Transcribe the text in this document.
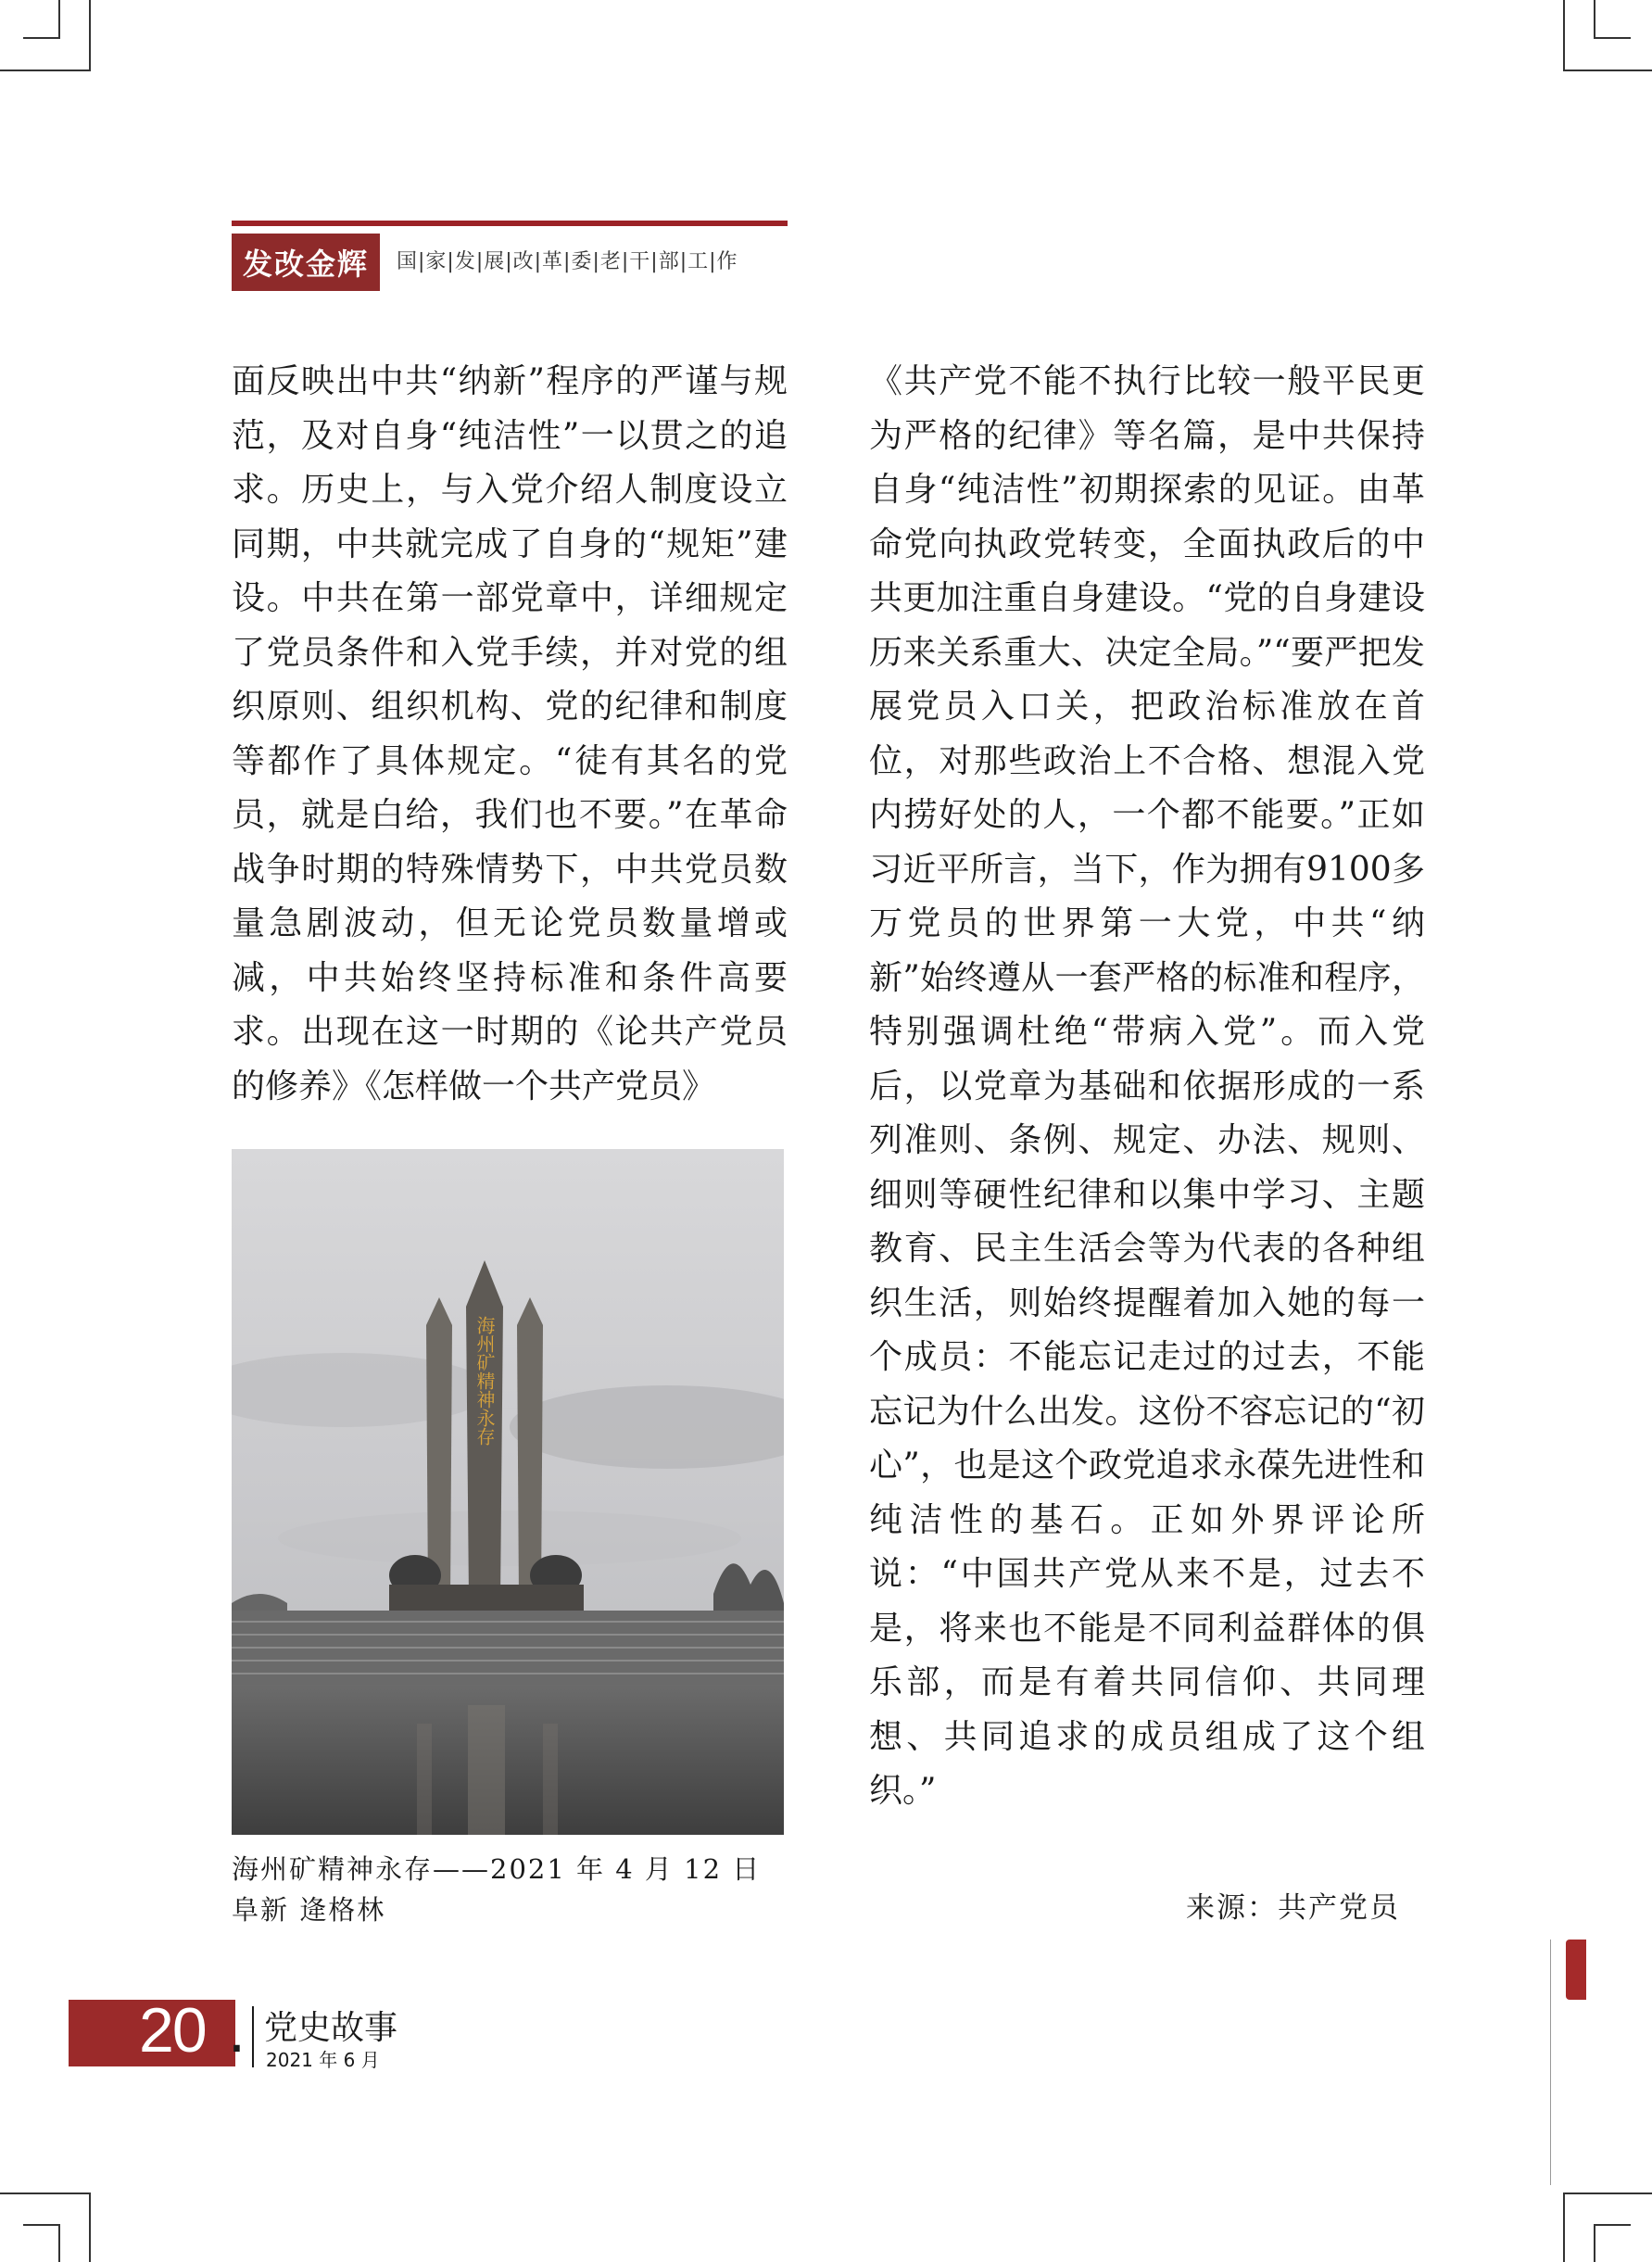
发改金辉	国|家|发|展|改|革|委|老|干|部|工|作

面反映出中共“纳新”程序的严谨与规范，及对自身“纯洁性”一以贯之的追求。历史上，与入党介绍人制度设立同期，中共就完成了自身的“规矩”建设。中共在第一部党章中，详细规定了党员条件和入党手续，并对党的组织原则、组织机构、党的纪律和制度等都作了具体规定。“徒有其名的党员，就是白给，我们也不要。”在革命战争时期的特殊情势下，中共党员数量急剧波动，但无论党员数量增或减，中共始终坚持标准和条件高要求。出现在这一时期的《论共产党员的修养》《怎样做一个共产党员》

《共产党不能不执行比较一般平民更为严格的纪律》等名篇，是中共保持自身“纯洁性”初期探索的见证。由革命党向执政党转变，全面执政后的中共更加注重自身建设。“党的自身建设历来关系重大、决定全局。”“要严把发展党员入口关，把政治标准放在首位，对那些政治上不合格、想混入党内捞好处的人，一个都不能要。”正如习近平所言，当下，作为拥有9100多万党员的世界第一大党，中共“纳新”始终遵从一套严格的标准和程序，特别强调杜绝“带病入党”。而入党后，以党章为基础和依据形成的一系列准则、条例、规定、办法、规则、细则等硬性纪律和以集中学习、主题教育、民主生活会等为代表的各种组织生活，则始终提醒着加入她的每一个成员：不能忘记走过的过去，不能忘记为什么出发。这份不容忘记的“初心”，也是这个政党追求永葆先进性和纯洁性的基石。正如外界评论所说：“中国共产党从来不是，过去不是，将来也不能是不同利益群体的俱乐部，而是有着共同信仰、共同理想、共同追求的成员组成了这个组织。”

海州矿精神永存
海州矿精神永存——2021 年 4 月 12 日
阜新 逄格林	来源：共产党员
20 . 党史故事
2021 年 6 月
